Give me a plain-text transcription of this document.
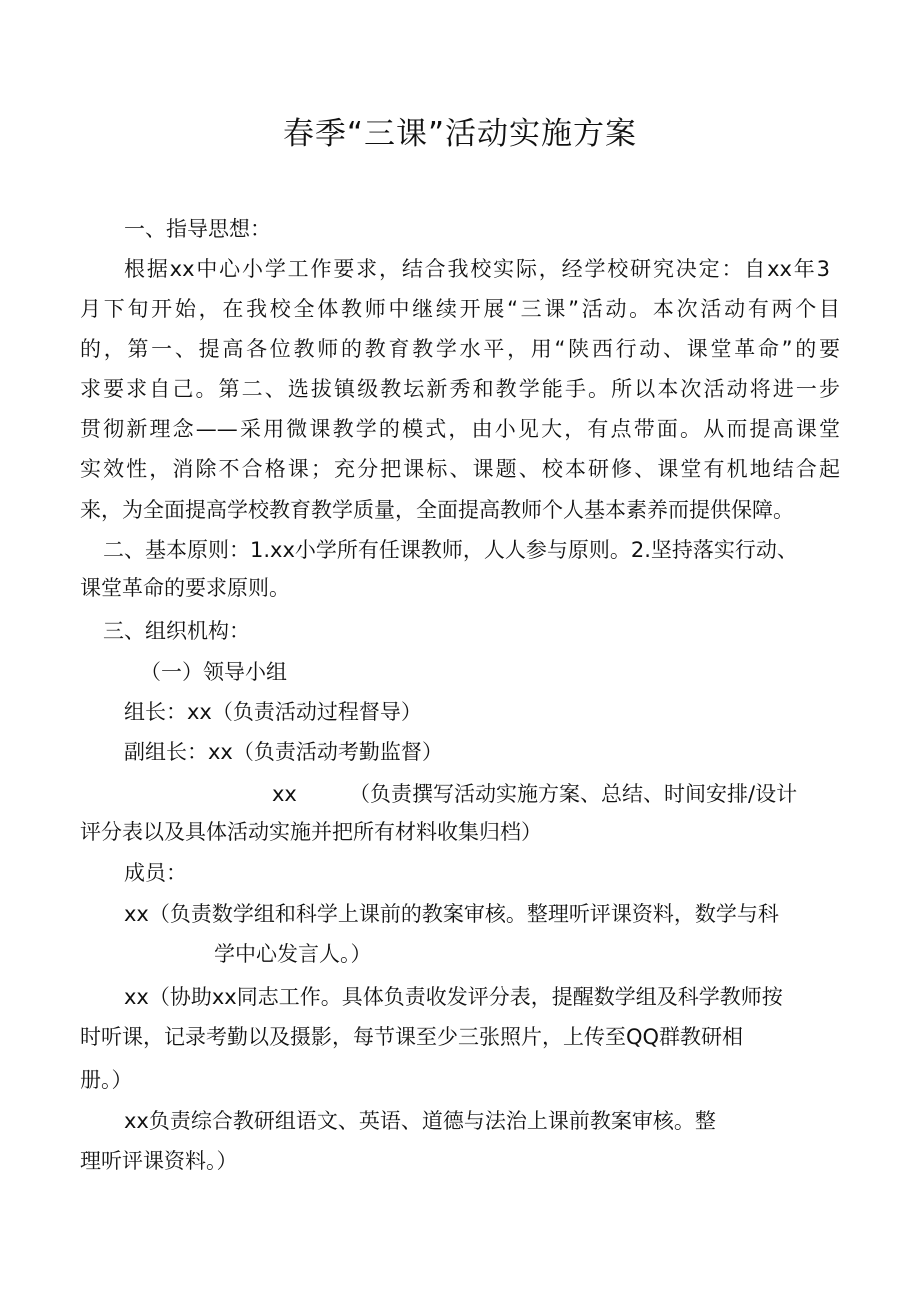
春季“三课”活动实施方案

一、指导思想：

根据xx中心小学工作要求，结合我校实际，经学校研究决定：自xx年3

月下旬开始，在我校全体教师中继续开展“三课”活动。本次活动有两个目

的，第一、提高各位教师的教育教学水平，用“陕西行动、课堂革命”的要

求要求自己。第二、选拔镇级教坛新秀和教学能手。所以本次活动将进一步

贯彻新理念——采用微课教学的模式，由小见大，有点带面。从而提高课堂

实效性，消除不合格课；充分把课标、课题、校本研修、课堂有机地结合起

来，为全面提高学校教育教学质量，全面提高教师个人基本素养而提供保障。

二、基本原则：1.xx小学所有任课教师，人人参与原则。2.坚持落实行动、

课堂革命的要求原则。

三、组织机构：

（一）领导小组

组长：xx（负责活动过程督导）

副组长：xx（负责活动考勤监督）

xx （负责撰写活动实施方案、总结、时间安排/设计

评分表以及具体活动实施并把所有材料收集归档）

成员：

xx（负责数学组和科学上课前的教案审核。整理听评课资料，数学与科

学中心发言人。）

xx（协助xx同志工作。具体负责收发评分表，提醒数学组及科学教师按

时听课，记录考勤以及摄影，每节课至少三张照片，上传至QQ群教研相

册。）

xx负责综合教研组语文、英语、道德与法治上课前教案审核。整

理听评课资料。）
